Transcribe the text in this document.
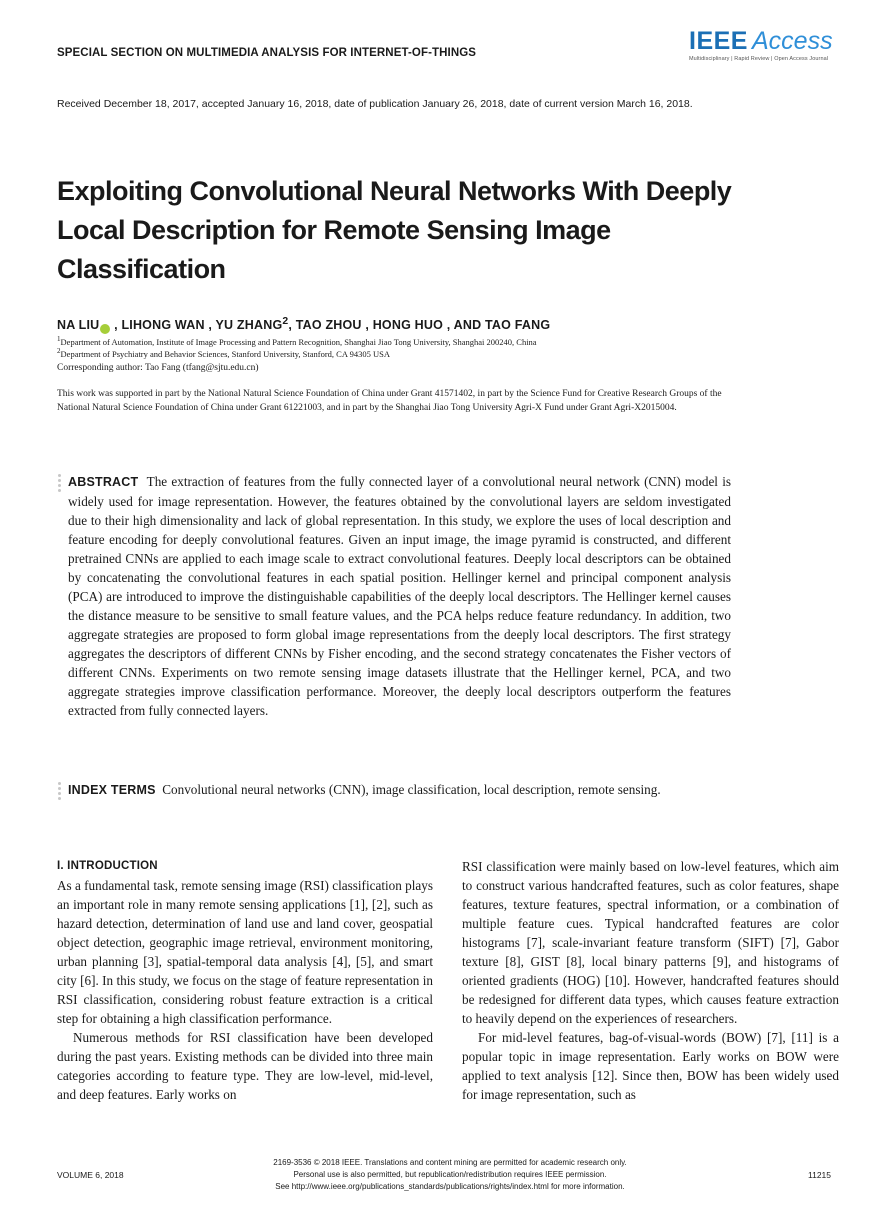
SPECIAL SECTION ON MULTIMEDIA ANALYSIS FOR INTERNET-OF-THINGS	IEEE Access
Multidisciplinary | Rapid Review | Open Access Journal
Received December 18, 2017, accepted January 16, 2018, date of publication January 26, 2018, date of current version March 16, 2018.
Exploiting Convolutional Neural Networks With Deeply Local Description for Remote Sensing Image Classification
NA LIU , LIHONG WAN , YU ZHANG$^2$, TAO ZHOU , HONG HUO , AND TAO FANG
$^1$Department of Automation, Institute of Image Processing and Pattern Recognition, Shanghai Jiao Tong University, Shanghai 200240, China
$^2$Department of Psychiatry and Behavior Sciences, Stanford University, Stanford, CA 94305 USA
Corresponding author: Tao Fang (tfang@sjtu.edu.cn)
This work was supported in part by the National Natural Science Foundation of China under Grant 41571402, in part by the Science Fund for Creative Research Groups of the National Natural Science Foundation of China under Grant 61221003, and in part by the Shanghai Jiao Tong University Agri-X Fund under Grant Agri-X2015004.
ABSTRACT The extraction of features from the fully connected layer of a convolutional neural network (CNN) model is widely used for image representation. However, the features obtained by the convolutional layers are seldom investigated due to their high dimensionality and lack of global representation. In this study, we explore the uses of local description and feature encoding for deeply convolutional features. Given an input image, the image pyramid is constructed, and different pretrained CNNs are applied to each image scale to extract convolutional features. Deeply local descriptors can be obtained by concatenating the convolutional features in each spatial position. Hellinger kernel and principal component analysis (PCA) are introduced to improve the distinguishable capabilities of the deeply local descriptors. The Hellinger kernel causes the distance measure to be sensitive to small feature values, and the PCA helps reduce feature redundancy. In addition, two aggregate strategies are proposed to form global image representations from the deeply local descriptors. The first strategy aggregates the descriptors of different CNNs by Fisher encoding, and the second strategy concatenates the Fisher vectors of different CNNs. Experiments on two remote sensing image datasets illustrate that the Hellinger kernel, PCA, and two aggregate strategies improve classification performance. Moreover, the deeply local descriptors outperform the features extracted from fully connected layers.
INDEX TERMS Convolutional neural networks (CNN), image classification, local description, remote sensing.
I. INTRODUCTION

As a fundamental task, remote sensing image (RSI) classification plays an important role in many remote sensing applications [1], [2], such as hazard detection, determination of land use and land cover, geospatial object detection, geographic image retrieval, environment monitoring, urban planning [3], spatial-temporal data analysis [4], [5], and smart city [6]. In this study, we focus on the stage of feature representation in RSI classification, considering robust feature extraction is a critical step for obtaining a high classification performance.

Numerous methods for RSI classification have been developed during the past years. Existing methods can be divided into three main categories according to feature type. They are low-level, mid-level, and deep features. Early works on

RSI classification were mainly based on low-level features, which aim to construct various handcrafted features, such as color features, shape features, texture features, spectral information, or a combination of multiple feature cues. Typical handcrafted features are color histograms [7], scale-invariant feature transform (SIFT) [7], Gabor texture [8], GIST [8], local binary patterns [9], and histograms of oriented gradients (HOG) [10]. However, handcrafted features should be redesigned for different data types, which causes feature extraction to heavily depend on the experiences of researchers.

For mid-level features, bag-of-visual-words (BOW) [7], [11] is a popular topic in image representation. Early works on BOW were applied to text analysis [12]. Since then, BOW has been widely used for image representation, such as

VOLUME 6, 2018
2169-3536 © 2018 IEEE. Translations and content mining are permitted for academic research only.
Personal use is also permitted, but republication/redistribution requires IEEE permission.
See http://www.ieee.org/publications_standards/publications/rights/index.html for more information.
11215
